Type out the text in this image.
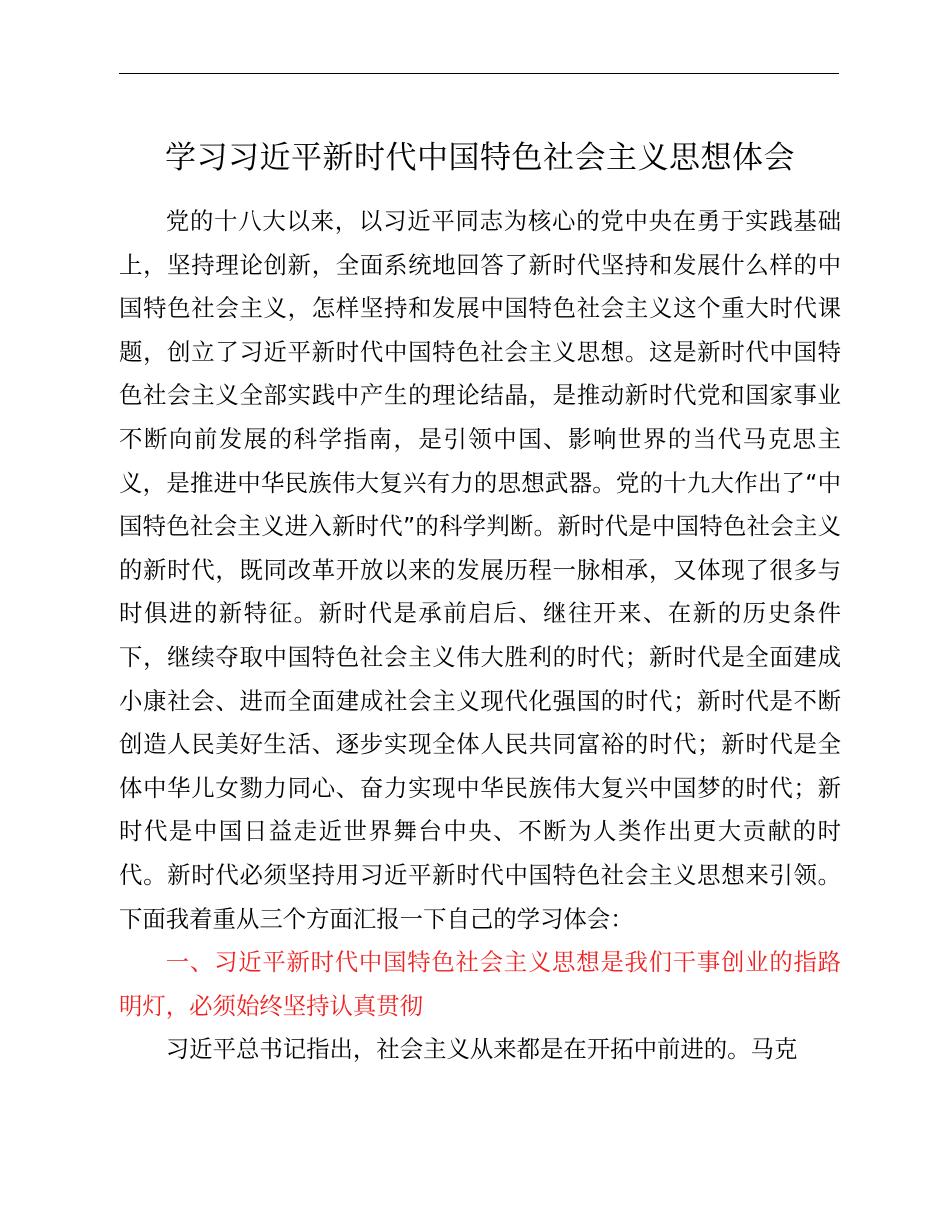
学习习近平新时代中国特色社会主义思想体会

党的十八大以来，以习近平同志为核心的党中央在勇于实践基础上，坚持理论创新，全面系统地回答了新时代坚持和发展什么样的中国特色社会主义，怎样坚持和发展中国特色社会主义这个重大时代课题，创立了习近平新时代中国特色社会主义思想。这是新时代中国特色社会主义全部实践中产生的理论结晶，是推动新时代党和国家事业不断向前发展的科学指南，是引领中国、影响世界的当代马克思主义，是推进中华民族伟大复兴有力的思想武器。党的十九大作出了“中国特色社会主义进入新时代”的科学判断。新时代是中国特色社会主义的新时代，既同改革开放以来的发展历程一脉相承，又体现了很多与时俱进的新特征。新时代是承前启后、继往开来、在新的历史条件下，继续夺取中国特色社会主义伟大胜利的时代；新时代是全面建成小康社会、进而全面建成社会主义现代化强国的时代；新时代是不断创造人民美好生活、逐步实现全体人民共同富裕的时代；新时代是全体中华儿女勠力同心、奋力实现中华民族伟大复兴中国梦的时代；新时代是中国日益走近世界舞台中央、不断为人类作出更大贡献的时代。新时代必须坚持用习近平新时代中国特色社会主义思想来引领。下面我着重从三个方面汇报一下自己的学习体会：

一、习近平新时代中国特色社会主义思想是我们干事创业的指路明灯，必须始终坚持认真贯彻

习近平总书记指出，社会主义从来都是在开拓中前进的。马克
